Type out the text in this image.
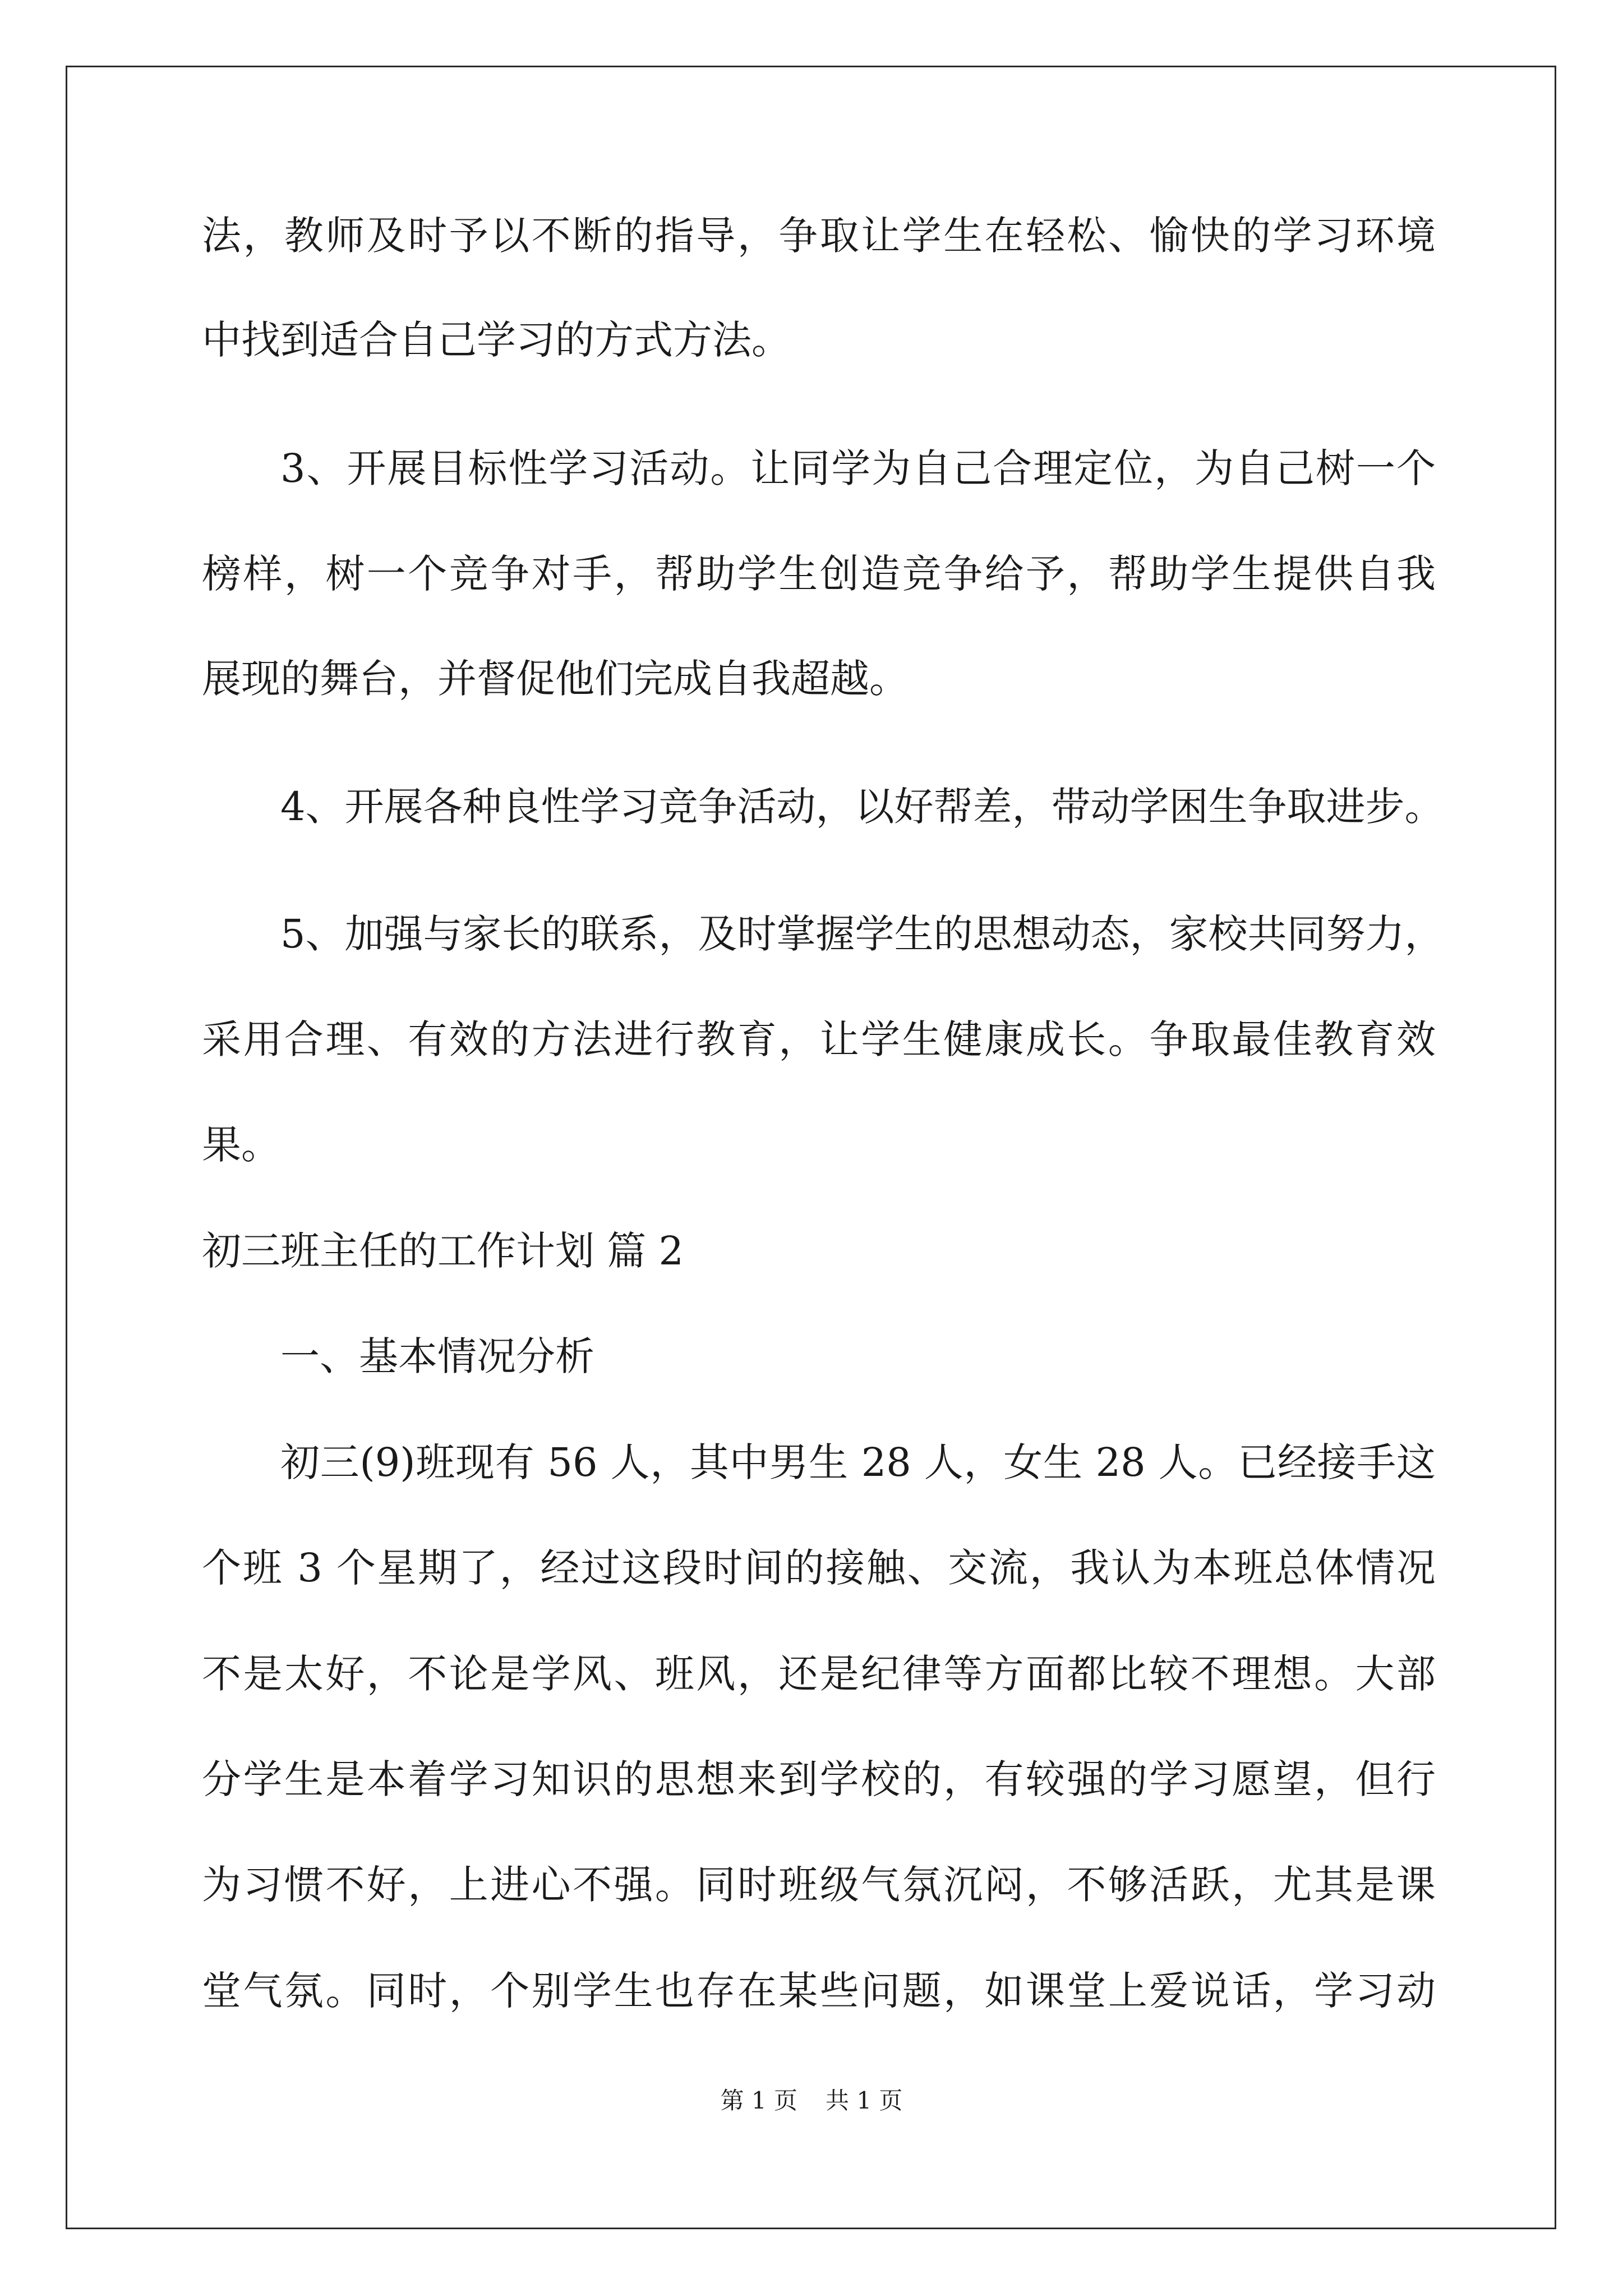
法，教师及时予以不断的指导，争取让学生在轻松、愉快的学习环境
中找到适合自己学习的方式方法。
3、开展目标性学习活动。让同学为自己合理定位，为自己树一个
榜样，树一个竞争对手，帮助学生创造竞争给予，帮助学生提供自我
展现的舞台，并督促他们完成自我超越。
4、开展各种良性学习竞争活动，以好帮差，带动学困生争取进步。
5、加强与家长的联系，及时掌握学生的思想动态，家校共同努力，
采用合理、有效的方法进行教育，让学生健康成长。争取最佳教育效
果。
初三班主任的工作计划 篇 2
一、基本情况分析
初三(9)班现有 56 人，其中男生 28 人，女生 28 人。已经接手这
个班 3 个星期了，经过这段时间的接触、交流，我认为本班总体情况
不是太好，不论是学风、班风，还是纪律等方面都比较不理想。大部
分学生是本着学习知识的思想来到学校的，有较强的学习愿望，但行
为习惯不好，上进心不强。同时班级气氛沉闷，不够活跃，尤其是课
堂气氛。同时，个别学生也存在某些问题，如课堂上爱说话，学习动
第 1 页 共 1 页
